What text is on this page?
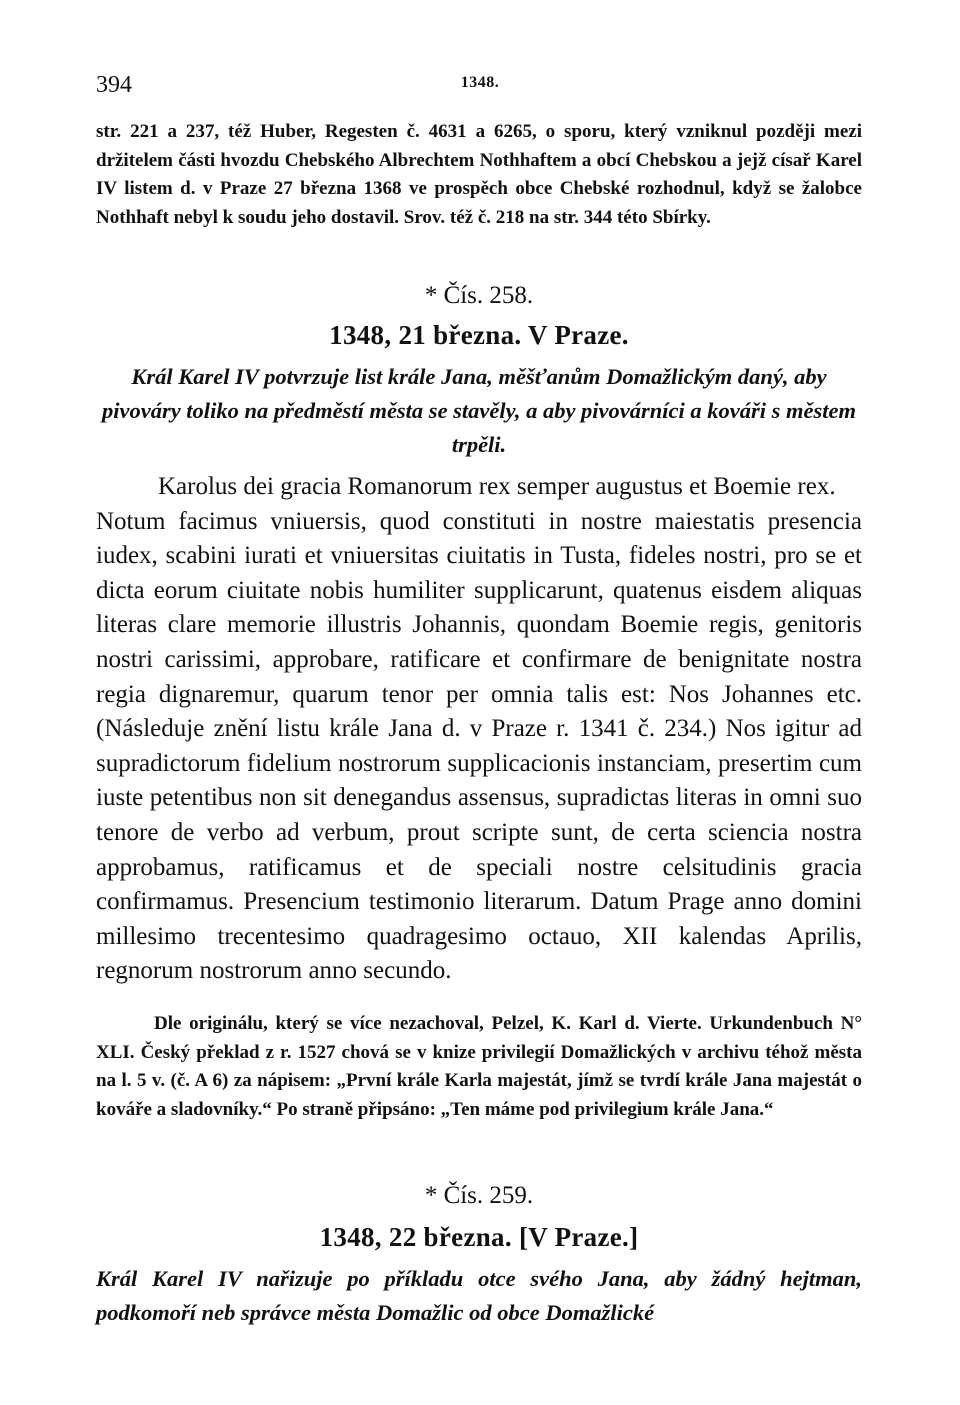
394	1348.

str. 221 a 237, též Huber, Regesten č. 4631 a 6265, o sporu, který vzniknul později mezi držitelem části hvozdu Chebského Albrechtem Nothhaftem a obcí Chebskou a jejž císař Karel IV listem d. v Praze 27 března 1368 ve prospěch obce Chebské rozhodnul, když se žalobce Nothhaft nebyl k soudu jeho dostavil. Srov. též č. 218 na str. 344 této Sbírky.

* Čís. 258.
1348, 21 března. V Praze.

Král Karel IV potvrzuje list krále Jana, měšťanům Domažlickým daný, aby pivováry toliko na předměstí města se stavěly, a aby pivovárníci a kováři s městem trpěli.

Karolus dei gracia Romanorum rex semper augustus et Boemie rex.
Notum facimus vniuersis, quod constituti in nostre maiestatis presencia iudex, scabini iurati et vniuersitas ciuitatis in Tusta, fideles nostri, pro se et dicta eorum ciuitate nobis humiliter supplicarunt, quatenus eisdem aliquas literas clare memorie illustris Johannis, quondam Boemie regis, genitoris nostri carissimi, approbare, ratificare et confirmare de benignitate nostra regia dignaremur, quarum tenor per omnia talis est: Nos Johannes etc. (Následuje znění listu krále Jana d. v Praze r. 1341 č. 234.) Nos igitur ad supradictorum fidelium nostrorum supplicacionis instanciam, presertim cum iuste petentibus non sit denegandus assensus, supradictas literas in omni suo tenore de verbo ad verbum, prout scripte sunt, de certa sciencia nostra approbamus, ratificamus et de speciali nostre celsitudinis gracia confirmamus. Presencium testimonio literarum. Datum Prage anno domini millesimo trecentesimo quadragesimo octauo, XII kalendas Aprilis, regnorum nostrorum anno secundo.

Dle originálu, který se více nezachoval, Pelzel, K. Karl d. Vierte. Urkundenbuch N° XLI. Český překlad z r. 1527 chová se v knize privilegií Domažlických v archivu téhož města na l. 5 v. (č. A 6) za nápisem: „První krále Karla majestát, jímž se tvrdí krále Jana majestát o kováře a sladovníky.“ Po straně připsáno: „Ten máme pod privilegium krále Jana.“

* Čís. 259.
1348, 22 března. [V Praze.]

Král Karel IV nařizuje po příkladu otce svého Jana, aby žádný hejtman, podkomoří neb správce města Domažlic od obce Domažlické
